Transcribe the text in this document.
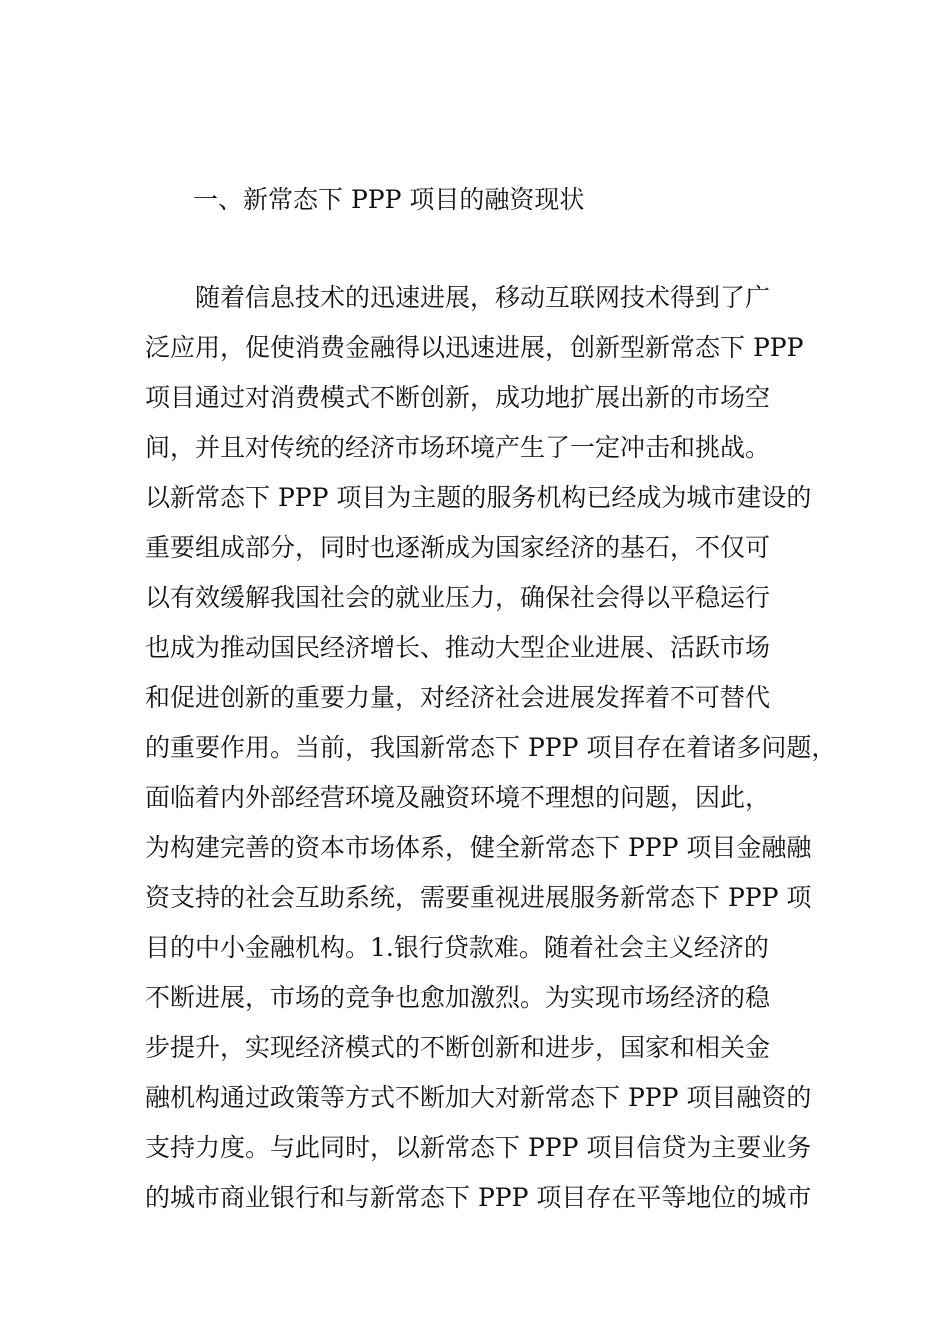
一、新常态下 PPP 项目的融资现状
随着信息技术的迅速进展，移动互联网技术得到了广
泛应用，促使消费金融得以迅速进展，创新型新常态下 PPP
项目通过对消费模式不断创新，成功地扩展出新的市场空
间，并且对传统的经济市场环境产生了一定冲击和挑战。
以新常态下 PPP 项目为主题的服务机构已经成为城市建设的
重要组成部分，同时也逐渐成为国家经济的基石，不仅可
以有效缓解我国社会的就业压力，确保社会得以平稳运行
也成为推动国民经济增长、推动大型企业进展、活跃市场
和促进创新的重要力量，对经济社会进展发挥着不可替代
的重要作用。当前，我国新常态下 PPP 项目存在着诸多问题，
面临着内外部经营环境及融资环境不理想的问题，因此，
为构建完善的资本市场体系，健全新常态下 PPP 项目金融融
资支持的社会互助系统，需要重视进展服务新常态下 PPP 项
目的中小金融机构。1.银行贷款难。随着社会主义经济的
不断进展，市场的竞争也愈加激烈。为实现市场经济的稳
步提升，实现经济模式的不断创新和进步，国家和相关金
融机构通过政策等方式不断加大对新常态下 PPP 项目融资的
支持力度。与此同时，以新常态下 PPP 项目信贷为主要业务
的城市商业银行和与新常态下 PPP 项目存在平等地位的城市
